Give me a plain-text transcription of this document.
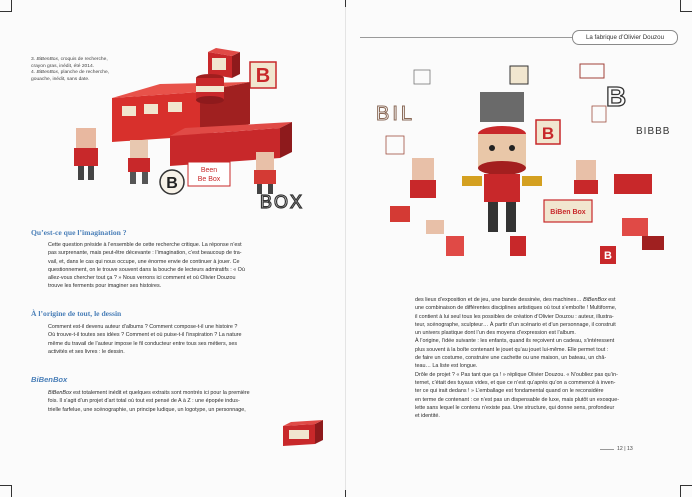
La fabrique d’Olivier Douzou

3. BiBenBox, croquis de recherche,

crayon gras, inédit, été 2014.

4. BiBenBox, planche de recherche,

gouache, inédit, sans date.	B
B
Been
Be Box
BOX
BIL
B
BIBBB
B
BiBen Box
B
Qu’est-ce que l’imagination ?
Cette question préside à l’ensemble de cette recherche critique. La réponse n’est
pas surprenante, mais peut-être décevante : l’imagination, c’est beaucoup de tra-
vail, et, dans le cas qui nous occupe, une énorme envie de continuer à jouer. Ce
questionnement, on le trouve souvent dans la bouche de lecteurs admiratifs : « Où
allez-vous chercher tout ça ? » Nous verrons ici comment et où Olivier Douzou
trouve les ferments pour imaginer ses histoires.
À l’origine de tout, le dessin
Comment est-il devenu auteur d’albums ? Comment compose-t-il une histoire ?
Où trouve-t-il toutes ses idées ? Comment et où puise-t-il l’inspiration ? La nature
même du travail de l’auteur impose le fil conducteur entre tous ses métiers, ses
activités et ses livres : le dessin.
BiBenBox
BiBenBox est totalement inédit et quelques extraits sont montrés ici pour la première
fois. Il s’agit d’un projet d’art total où tout est pensé de A à Z : une épopée indus-
trielle farfelue, une scénographie, un principe ludique, un logotype, un personnage,
des lieux d’exposition et de jeu, une bande dessinée, des machines… BiBenBox est
une combinaison de différentes disciplines artistiques où tout s’emboîte ! Multiforme,
il contient à lui seul tous les possibles de création d’Olivier Douzou : auteur, illustra-
teur, scénographe, sculpteur… À partir d’un scénario et d’un personnage, il construit
un univers plastique dont l’un des moyens d’expression est l’album.
À l’origine, l’idée suivante : les enfants, quand ils reçoivent un cadeau, s’intéressent
plus souvent à la boîte contenant le jouet qu’au jouet lui-même. Elle permet tout :
de faire un costume, construire une cachette ou une maison, un bateau, un châ-
teau… La liste est longue.
Drôle de projet ? « Pas tant que ça ! » réplique Olivier Douzou. « N’oubliez pas qu’in-
ternet, c’était des tuyaux vides, et que ce n’est qu’après qu’on a commencé à inven-
ter ce qui irait dedans ! » L’emballage est fondamental quand on le reconsidère
en terme de contenant : ce n’est pas un dispensable de luxe, mais plutôt un exosque-
lette sans lequel le contenu n’existe pas. Une structure, qui donne sens, profondeur
et identité.
12 | 13
